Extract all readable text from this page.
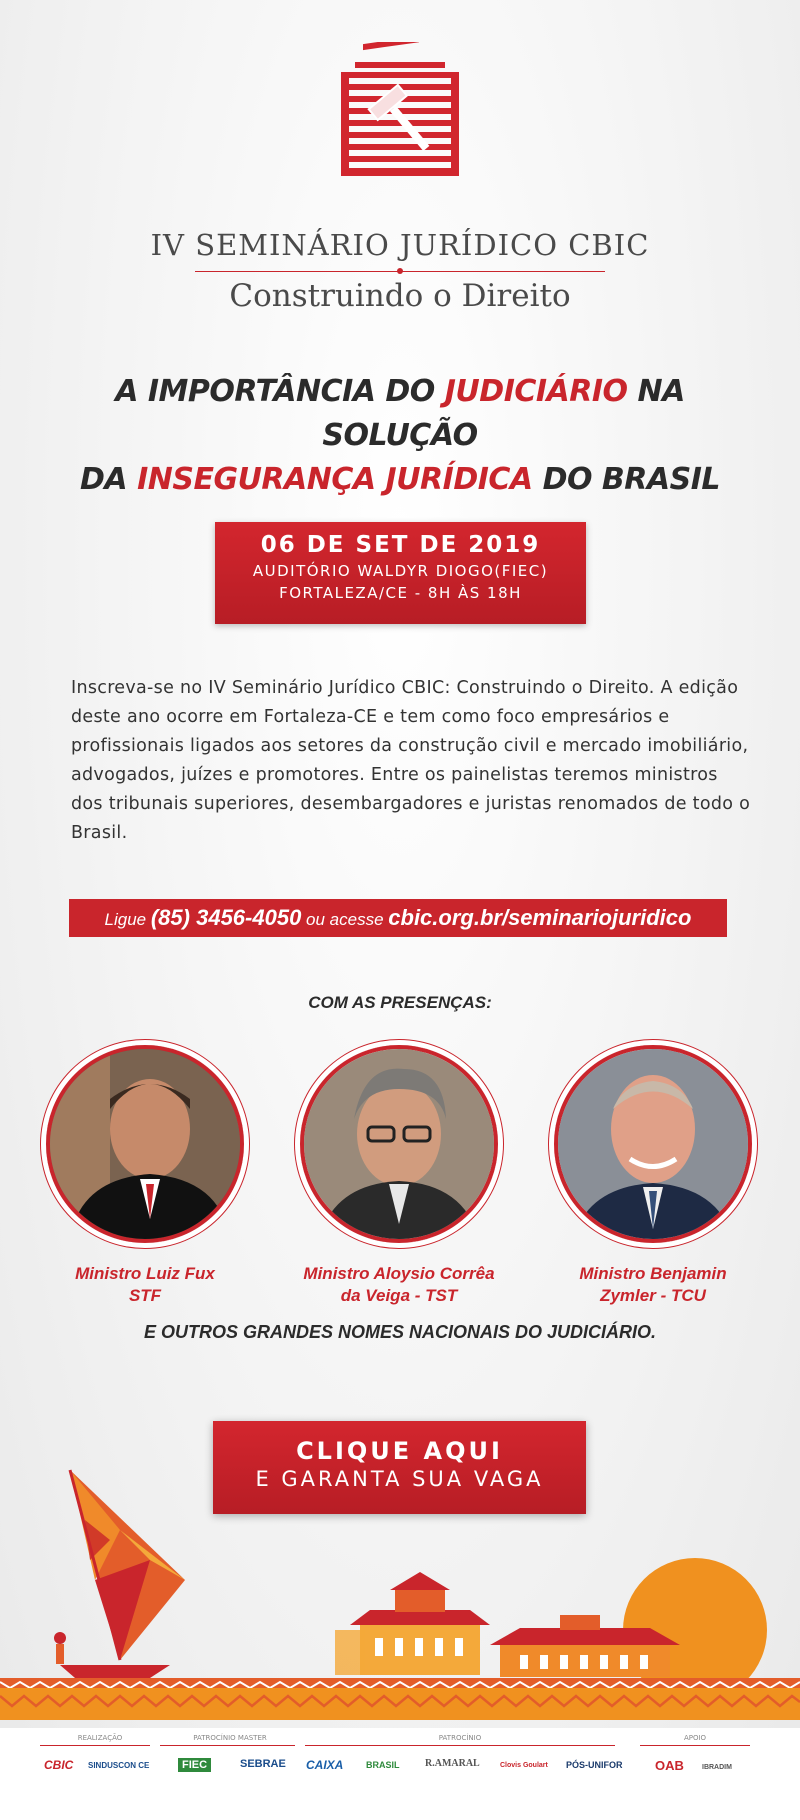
IV SEMINÁRIO JURÍDICO CBIC
Construindo o Direito
A IMPORTÂNCIA DO JUDICIÁRIO NA SOLUÇÃO
DA INSEGURANÇA JURÍDICA DO BRASIL
06 DE SET DE 2019
AUDITÓRIO WALDYR DIOGO(FIEC)
FORTALEZA/CE - 8H ÀS 18H
Inscreva-se no IV Seminário Jurídico CBIC: Construindo o Direito. A edição deste ano ocorre em Fortaleza-CE e tem como foco empresários e profissionais ligados aos setores da construção civil e mercado imobiliário, advogados, juízes e promotores. Entre os painelistas teremos ministros dos tribunais superiores, desembargadores e juristas renomados de todo o Brasil.
Ligue (85) 3456-4050 ou acesse cbic.org.br/seminariojuridico
COM AS PRESENÇAS:
Ministro Luiz Fux
STF
Ministro Aloysio Corrêa
da Veiga - TST
Ministro Benjamin
Zymler - TCU
E OUTROS GRANDES NOMES NACIONAIS DO JUDICIÁRIO.
CLIQUE AQUI
E GARANTA SUA VAGA
REALIZAÇÃO	PATROCÍNIO MASTER	PATROCÍNIO	APOIO
CBIC SINDUSCON CE	FIEC	SEBRAE CAIXA	BRASIL	R.AMARAL	Clovis Goulart PÓS-UNIFOR OAB	IBRADIM
